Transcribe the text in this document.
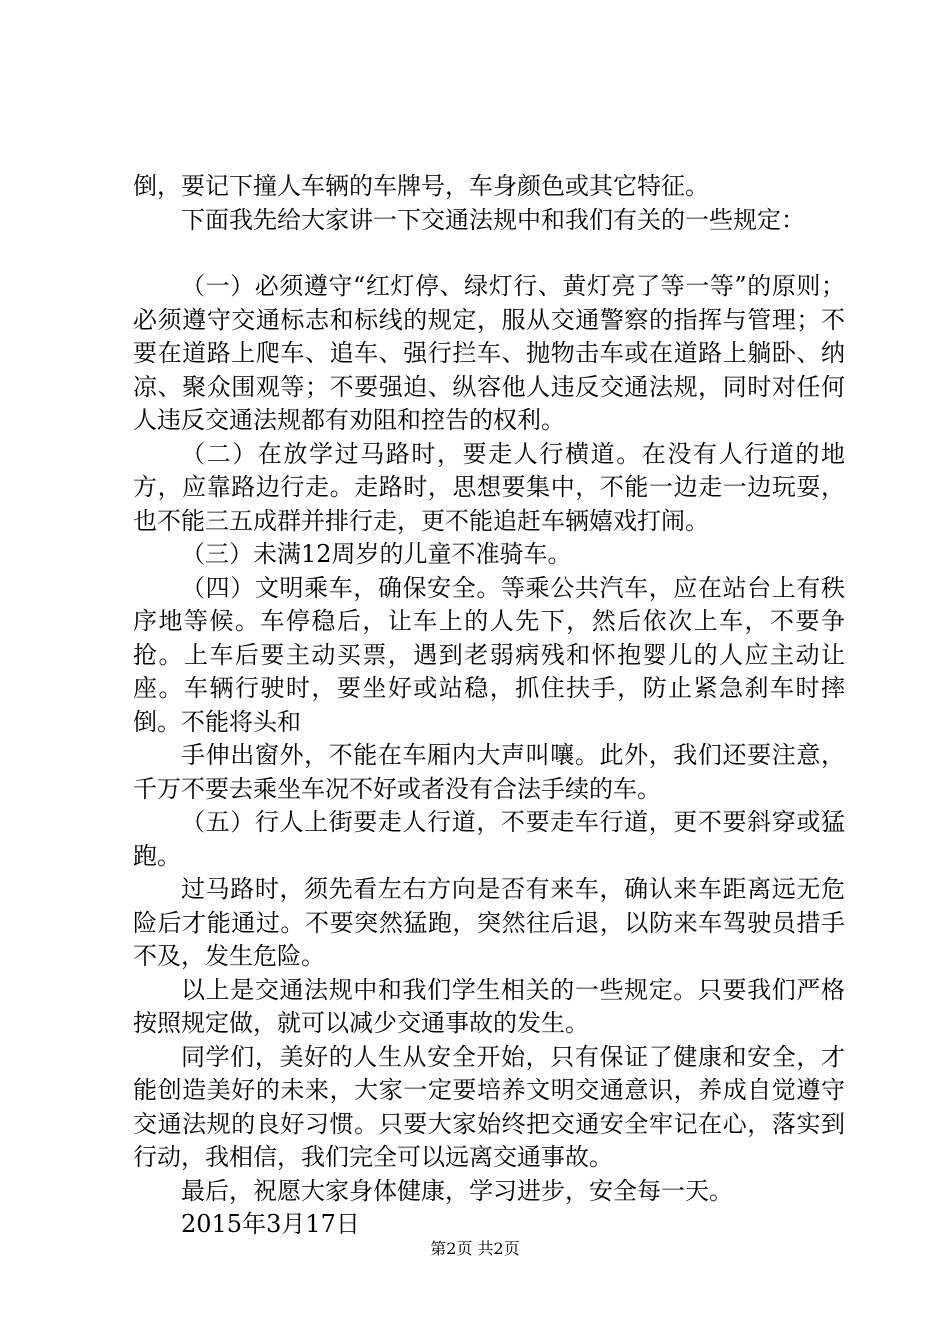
倒，要记下撞人车辆的车牌号，车身颜色或其它特征。

下面我先给大家讲一下交通法规中和我们有关的一些规定：

（一）必须遵守“红灯停、绿灯行、黄灯亮了等一等”的原则；必须遵守交通标志和标线的规定，服从交通警察的指挥与管理；不要在道路上爬车、追车、强行拦车、抛物击车或在道路上躺卧、纳凉、聚众围观等；不要强迫、纵容他人违反交通法规，同时对任何人违反交通法规都有劝阻和控告的权利。

（二）在放学过马路时，要走人行横道。在没有人行道的地方，应靠路边行走。走路时，思想要集中，不能一边走一边玩耍，也不能三五成群并排行走，更不能追赶车辆嬉戏打闹。

（三）未满12周岁的儿童不准骑车。

（四）文明乘车，确保安全。等乘公共汽车，应在站台上有秩序地等候。车停稳后，让车上的人先下，然后依次上车，不要争抢。上车后要主动买票，遇到老弱病残和怀抱婴儿的人应主动让座。车辆行驶时，要坐好或站稳，抓住扶手，防止紧急刹车时摔倒。不能将头和

手伸出窗外，不能在车厢内大声叫嚷。此外，我们还要注意，千万不要去乘坐车况不好或者没有合法手续的车。

（五）行人上街要走人行道，不要走车行道，更不要斜穿或猛跑。

过马路时，须先看左右方向是否有来车，确认来车距离远无危险后才能通过。不要突然猛跑，突然往后退，以防来车驾驶员措手不及，发生危险。

以上是交通法规中和我们学生相关的一些规定。只要我们严格按照规定做，就可以减少交通事故的发生。

同学们，美好的人生从安全开始，只有保证了健康和安全，才能创造美好的未来，大家一定要培养文明交通意识，养成自觉遵守交通法规的良好习惯。只要大家始终把交通安全牢记在心，落实到行动，我相信，我们完全可以远离交通事故。

最后，祝愿大家身体健康，学习进步，安全每一天。

2015年3月17日

第2页 共2页
